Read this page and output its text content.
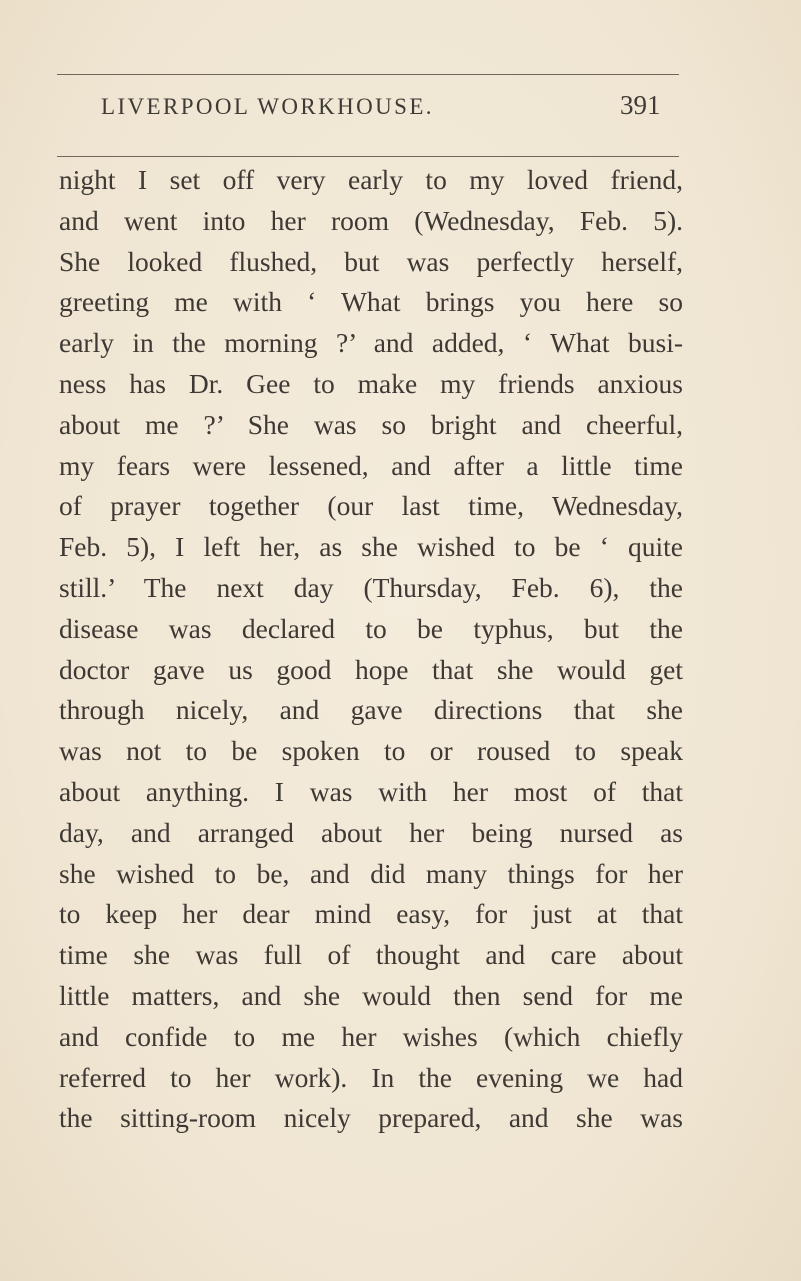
LIVERPOOL WORKHOUSE.	391
night I set off very early to my loved friend,
and went into her room (Wednesday, Feb. 5).
She looked flushed, but was perfectly herself,
greeting me with ‘ What brings you here so
early in the morning ?’ and added, ‘ What busi-
ness has Dr. Gee to make my friends anxious
about me ?’ She was so bright and cheerful,
my fears were lessened, and after a little time
of prayer together (our last time, Wednesday,
Feb. 5), I left her, as she wished to be ‘ quite
still.’ The next day (Thursday, Feb. 6), the
disease was declared to be typhus, but the
doctor gave us good hope that she would get
through nicely, and gave directions that she
was not to be spoken to or roused to speak
about anything. I was with her most of that
day, and arranged about her being nursed as
she wished to be, and did many things for her
to keep her dear mind easy, for just at that
time she was full of thought and care about
little matters, and she would then send for me
and confide to me her wishes (which chiefly
referred to her work). In the evening we had
the sitting-room nicely prepared, and she was
